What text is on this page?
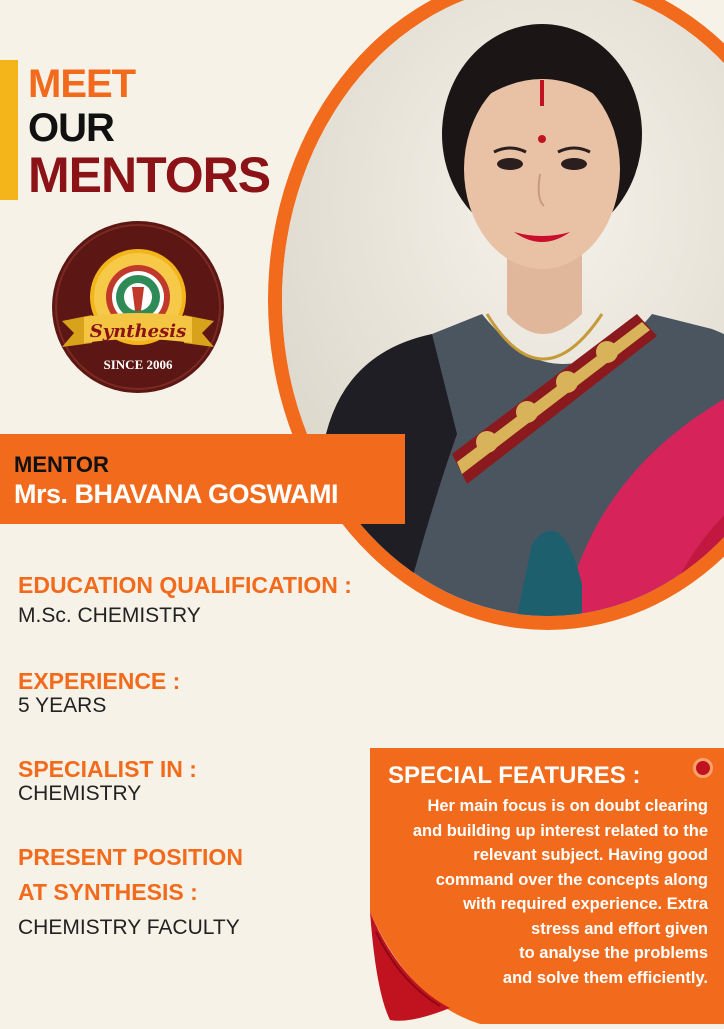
MEET
OUR
MENTORS
Synthesis
SINCE 2006
MENTOR
Mrs. BHAVANA GOSWAMI
EDUCATION QUALIFICATION :
M.Sc. CHEMISTRY
EXPERIENCE :
5 YEARS
SPECIALIST IN :
CHEMISTRY
PRESENT POSITION
AT SYNTHESIS :
CHEMISTRY FACULTY
SPECIAL FEATURES :
Her main focus is on doubt clearing
and building up interest related to the
relevant subject. Having good
command over the concepts along
with required experience. Extra
stress and effort given
to analyse the problems
and solve them efficiently.
